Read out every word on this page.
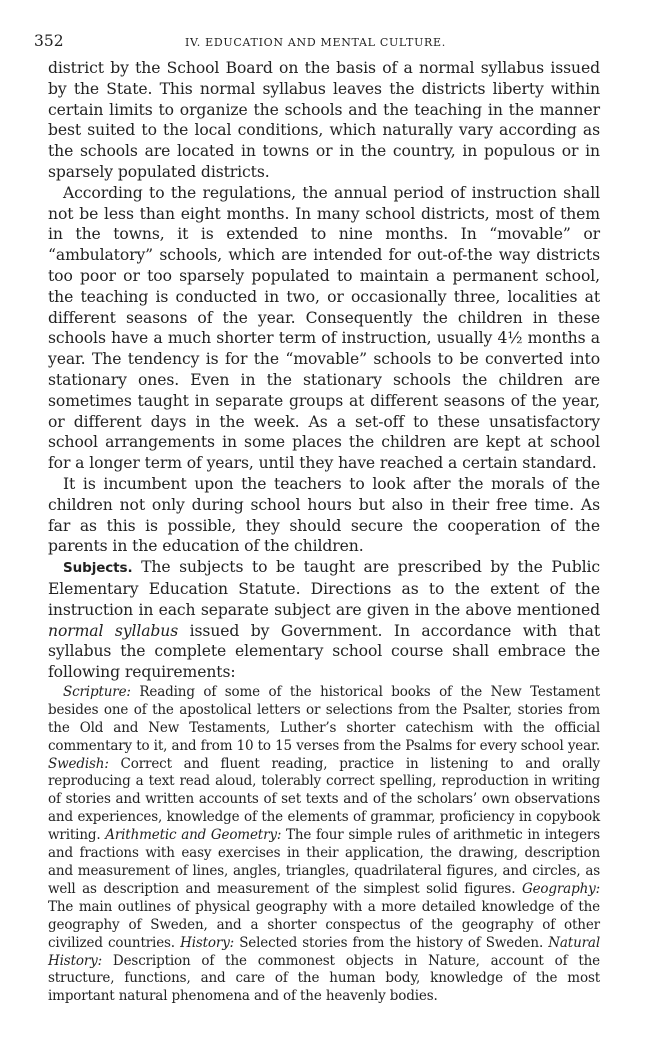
352	IV. EDUCATION AND MENTAL CULTURE.

district by the School Board on the basis of a normal syllabus issued by the State. This normal syllabus leaves the districts liberty within certain limits to organize the schools and the teaching in the manner best suited to the local conditions, which naturally vary according as the schools are located in towns or in the country, in populous or in sparsely populated districts.

According to the regulations, the annual period of instruction shall not be less than eight months. In many school districts, most of them in the towns, it is extended to nine months. In “movable” or “ambulatory” schools, which are intended for out-of-the way districts too poor or too sparsely populated to maintain a permanent school, the teaching is conducted in two, or occasionally three, localities at different seasons of the year. Consequently the children in these schools have a much shorter term of instruction, usually 4½ months a year. The tendency is for the “movable” schools to be converted into stationary ones. Even in the stationary schools the children are sometimes taught in separate groups at different seasons of the year, or different days in the week. As a set-off to these unsatisfactory school arrangements in some places the children are kept at school for a longer term of years, until they have reached a certain standard.

It is incumbent upon the teachers to look after the morals of the children not only during school hours but also in their free time. As far as this is possible, they should secure the cooperation of the parents in the education of the children.

Subjects. The subjects to be taught are prescribed by the Public Elementary Education Statute. Directions as to the extent of the instruction in each separate subject are given in the above mentioned normal syllabus issued by Government. In accordance with that syllabus the complete elementary school course shall embrace the following requirements:

Scripture: Reading of some of the historical books of the New Testament besides one of the apostolical letters or selections from the Psalter, stories from the Old and New Testaments, Luther’s shorter catechism with the official commentary to it, and from 10 to 15 verses from the Psalms for every school year. Swedish: Correct and fluent reading, practice in listening to and orally reproducing a text read aloud, tolerably correct spelling, reproduction in writing of stories and written accounts of set texts and of the scholars’ own observations and experiences, knowledge of the elements of grammar, proficiency in copybook writing. Arithmetic and Geometry: The four simple rules of arithmetic in integers and fractions with easy exercises in their application, the drawing, description and measurement of lines, angles, triangles, quadrilateral figures, and circles, as well as description and measurement of the simplest solid figures. Geography: The main outlines of physical geography with a more detailed knowledge of the geography of Sweden, and a shorter conspectus of the geography of other civilized countries. History: Selected stories from the history of Sweden. Natural History: Description of the commonest objects in Nature, account of the structure, functions, and care of the human body, knowledge of the most important natural phenomena and of the heavenly bodies.
